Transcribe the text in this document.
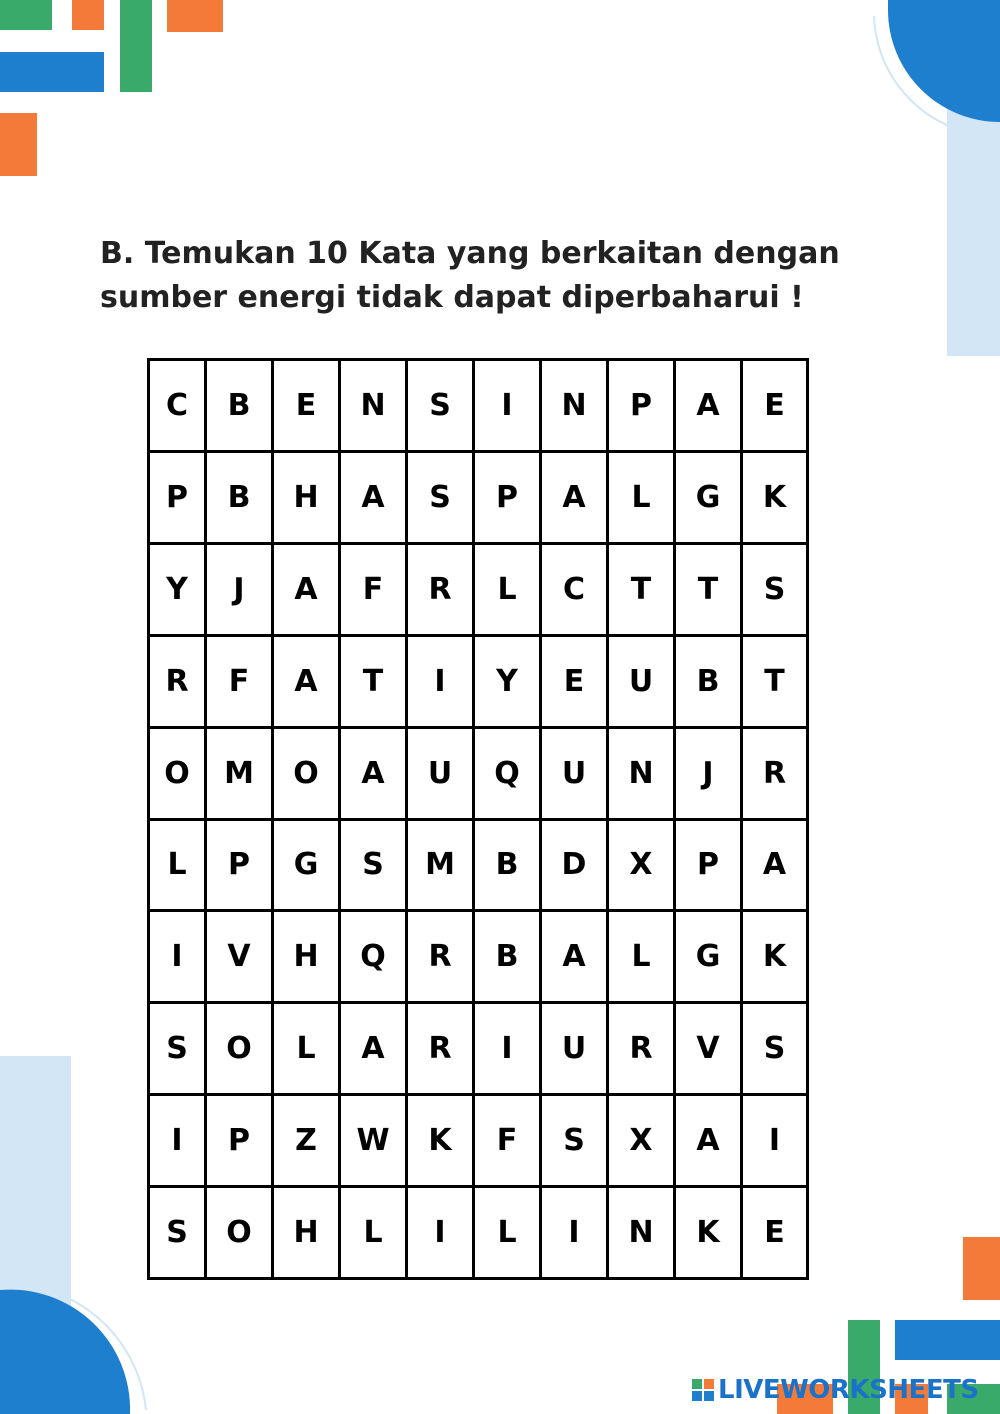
B. Temukan 10 Kata yang berkaitan dengan sumber energi tidak dapat diperbaharui !
C	B	E	N	S	I	N	P	A	E
P	B	H	A	S	P	A	L	G	K
Y	J	A	F	R	L	C	T	T	S
R	F	A	T	I	Y	E	U	B	T
O	M	O	A	U	Q	U	N	J	R
L	P	G	S	M	B	D	X	P	A
I	V	H	Q	R	B	A	L	G	K
S	O	L	A	R	I	U	R	V	S
I	P	Z	W	K	F	S	X	A	I
S	O	H	L	I	L	I	N	K	E
LIVEWORKSHEETS
